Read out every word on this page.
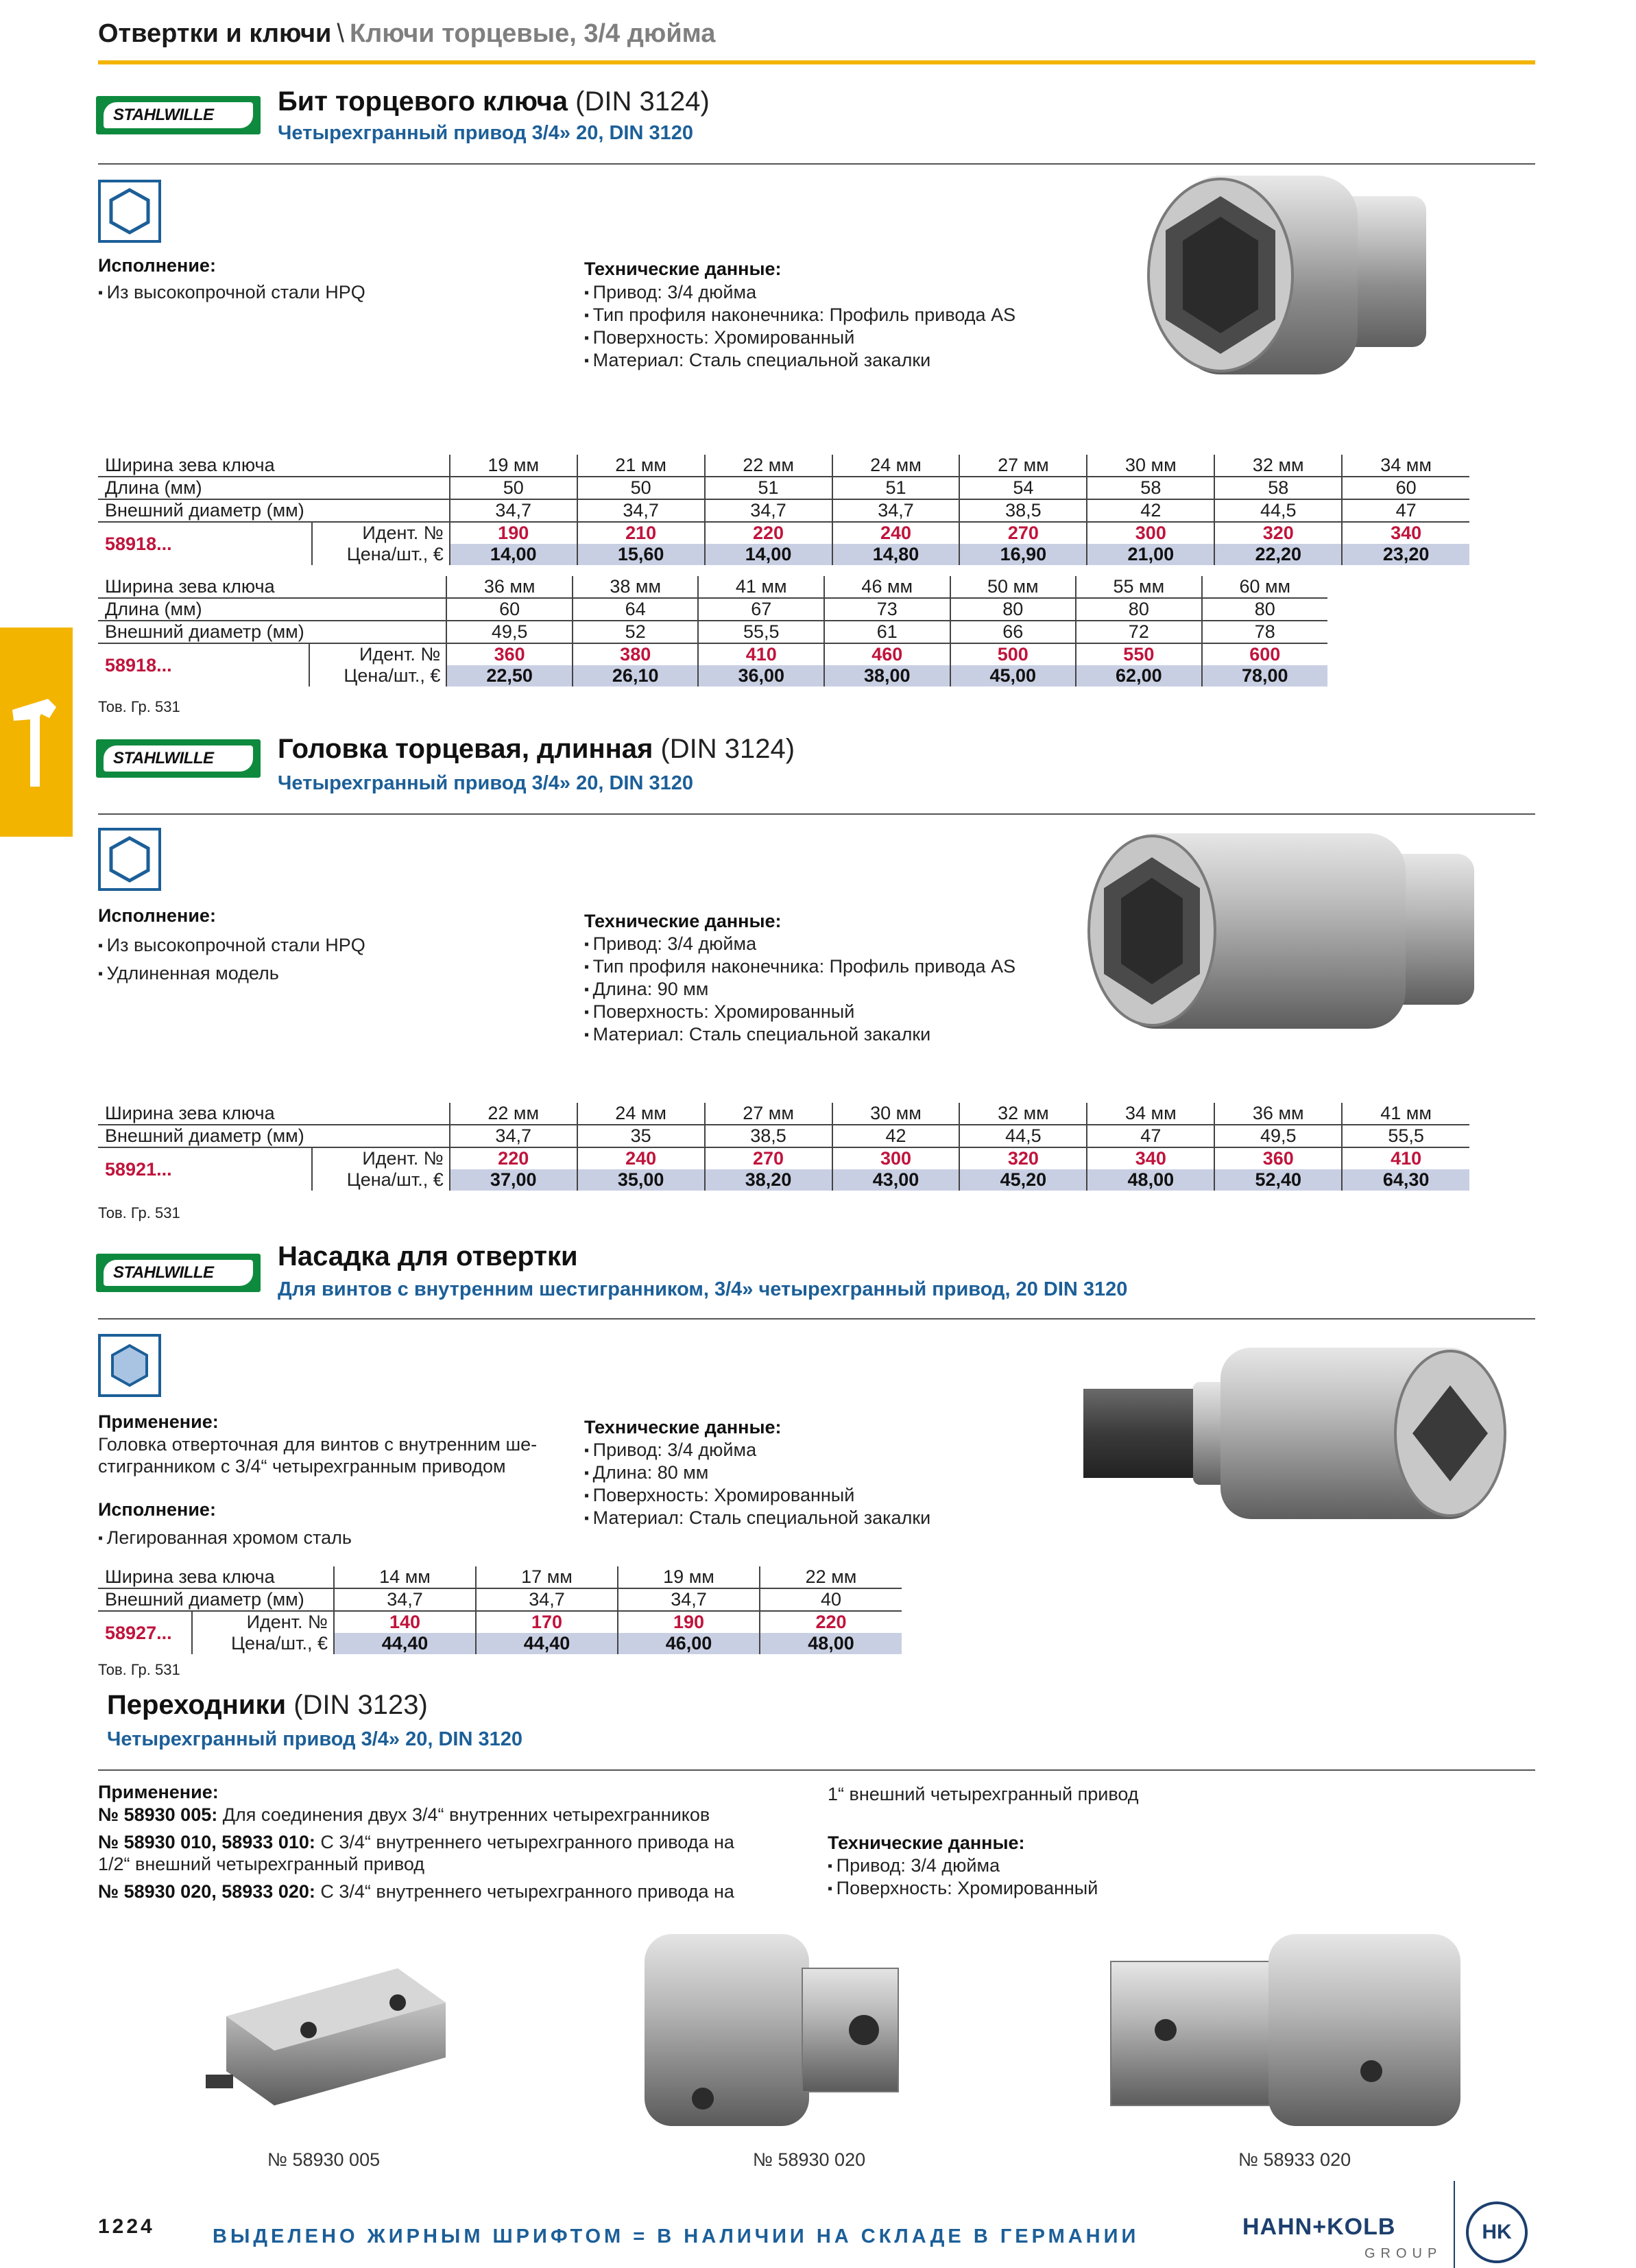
Отвертки и ключи \ Ключи торцевые, 3/4 дюйма
STAHLWILLE	Бит торцевого ключа (DIN 3124)
Четырехгранный привод 3/4» 20, DIN 3120
Исполнение:
▪ Из высокопрочной стали HPQ
Технические данные:
▪ Привод: 3/4 дюйма
▪ Тип профиля наконечника: Профиль привода AS
▪ Поверхность: Хромированный
▪ Материал: Сталь специальной закалки
Ширина зева ключа		19 мм	21 мм	22 мм	24 мм	27 мм	30 мм	32 мм	34 мм
Длина (мм)		50	50	51	51	54	58	58	60
Внешний диаметр (мм)		34,7	34,7	34,7	34,7	38,5	42	44,5	47
58918...	Идент. №	190	210	220	240	270	300	320	340
	Цена/шт., €	14,00	15,60	14,00	14,80	16,90	21,00	22,20	23,20
Ширина зева ключа		36 мм	38 мм	41 мм	46 мм	50 мм	55 мм	60 мм
Длина (мм)		60	64	67	73	80	80	80
Внешний диаметр (мм)		49,5	52	55,5	61	66	72	78
58918...	Идент. №	360	380	410	460	500	550	600
	Цена/шт., €	22,50	26,10	36,00	38,00	45,00	62,00	78,00
Тов. Гр. 531
STAHLWILLE	Головка торцевая, длинная (DIN 3124)
Четырехгранный привод 3/4» 20, DIN 3120
Исполнение:
▪ Из высокопрочной стали HPQ
▪ Удлиненная модель
Технические данные:
▪ Привод: 3/4 дюйма
▪ Тип профиля наконечника: Профиль привода AS
▪ Длина: 90 мм
▪ Поверхность: Хромированный
▪ Материал: Сталь специальной закалки
Ширина зева ключа		22 мм	24 мм	27 мм	30 мм	32 мм	34 мм	36 мм	41 мм
Внешний диаметр (мм)		34,7	35	38,5	42	44,5	47	49,5	55,5
58921...	Идент. №	220	240	270	300	320	340	360	410
	Цена/шт., €	37,00	35,00	38,20	43,00	45,20	48,00	52,40	64,30
Тов. Гр. 531
STAHLWILLE
Насадка для отвертки
Для винтов с внутренним шестигранником, 3/4» четырехгранный привод, 20 DIN 3120
Применение:
Головка отверточная для винтов с внутренним ше-
стигранником с 3/4“ четырехгранным приводом
Исполнение:
▪ Легированная хромом сталь
Технические данные:
▪ Привод: 3/4 дюйма
▪ Длина: 80 мм
▪ Поверхность: Хромированный
▪ Материал: Сталь специальной закалки
Ширина зева ключа		14 мм	17 мм	19 мм	22 мм
Внешний диаметр (мм)		34,7	34,7	34,7	40
58927...	Идент. №	140	170	190	220
	Цена/шт., €	44,40	44,40	46,00	48,00
Тов. Гр. 531
Переходники (DIN 3123)
Четырехгранный привод 3/4» 20, DIN 3120
Применение:
№ 58930 005: Для соединения двух 3/4“ внутренних четырехгранников
№ 58930 010, 58933 010: С 3/4“ внутреннего четырехгранного привода на
1/2“ внешний четырехгранный привод
№ 58930 020, 58933 020: С 3/4“ внутреннего четырехгранного привода на
1“ внешний четырехгранный привод
Технические данные:
▪ Привод: 3/4 дюйма
▪ Поверхность: Хромированный
№ 58930 005	№ 58930 020	№ 58933 020
1224	ВЫДЕЛЕНО ЖИРНЫМ ШРИФТОМ = В НАЛИЧИИ НА СКЛАДЕ В ГЕРМАНИИ	HAHN+KOLB
GROUP
HK
